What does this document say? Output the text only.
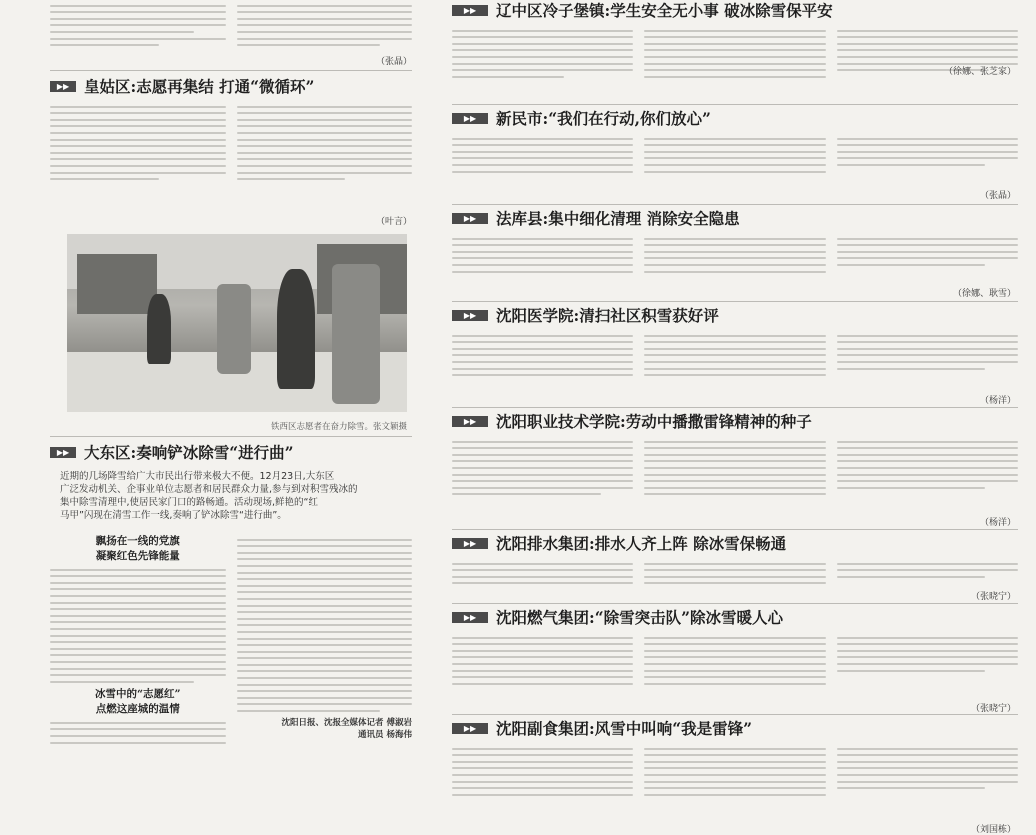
（张晶）
▶▶ 皇姑区:志愿再集结 打通“微循环”
（叶言）
铁西区志愿者在奋力除雪。张文颖摄
▶▶ 大东区:奏响铲冰除雪“进行曲”
近期的几场降雪给广大市民出行带来极大不便。12月23日,大东区
广泛发动机关、企事业单位志愿者和居民群众力量,参与到对积雪残冰的
集中除雪清理中,使居民家门口的路畅通。活动现场,鲜艳的“红
马甲”闪现在清雪工作一线,奏响了铲冰除雪“进行曲”。
飘扬在一线的党旗
凝聚红色先锋能量
冰雪中的“志愿红”
点燃这座城的温情
沈阳日报、沈报全媒体记者 傅淑岩
通讯员 杨海伟
▶▶	辽中区冷子堡镇:学生安全无小事 破冰除雪保平安
（徐娜、张芝家）
▶▶	新民市:“我们在行动,你们放心”
（张晶）
▶▶	法库县:集中细化清理 消除安全隐患
（徐娜、耿雪）
▶▶	沈阳医学院:清扫社区积雪获好评
（杨洋）
▶▶	沈阳职业技术学院:劳动中播撒雷锋精神的种子
（杨洋）
▶▶	沈阳排水集团:排水人齐上阵 除冰雪保畅通
（张晓宁）
▶▶	沈阳燃气集团:“除雪突击队”除冰雪暖人心
（张晓宁）
▶▶	沈阳副食集团:风雪中叫响“我是雷锋”
（刘国栋）
